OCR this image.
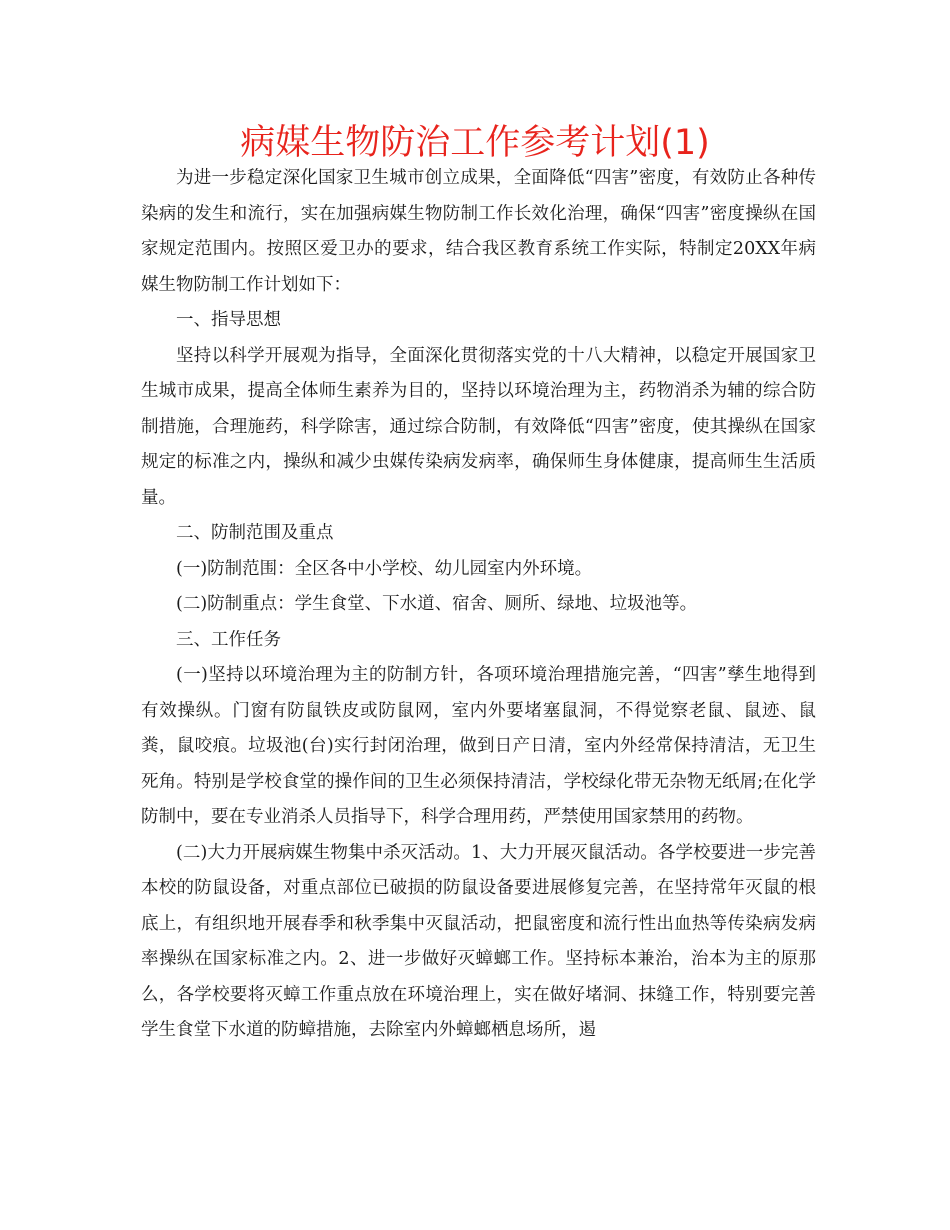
病媒生物防治工作参考计划(1)

为进一步稳定深化国家卫生城市创立成果，全面降低“四害”密度，有效防止各种传染病的发生和流行，实在加强病媒生物防制工作长效化治理，确保“四害”密度操纵在国家规定范围内。按照区爱卫办的要求，结合我区教育系统工作实际，特制定20XX年病媒生物防制工作计划如下：

一、指导思想

坚持以科学开展观为指导，全面深化贯彻落实党的十八大精神，以稳定开展国家卫生城市成果，提高全体师生素养为目的，坚持以环境治理为主，药物消杀为辅的综合防制措施，合理施药，科学除害，通过综合防制，有效降低“四害”密度，使其操纵在国家规定的标准之内，操纵和减少虫媒传染病发病率，确保师生身体健康，提高师生生活质量。

二、防制范围及重点

(一)防制范围：全区各中小学校、幼儿园室内外环境。

(二)防制重点：学生食堂、下水道、宿舍、厕所、绿地、垃圾池等。

三、工作任务

(一)坚持以环境治理为主的防制方针，各项环境治理措施完善，“四害”孳生地得到有效操纵。门窗有防鼠铁皮或防鼠网，室内外要堵塞鼠洞，不得觉察老鼠、鼠迹、鼠粪，鼠咬痕。垃圾池(台)实行封闭治理，做到日产日清，室内外经常保持清洁，无卫生死角。特别是学校食堂的操作间的卫生必须保持清洁，学校绿化带无杂物无纸屑;在化学防制中，要在专业消杀人员指导下，科学合理用药，严禁使用国家禁用的药物。

(二)大力开展病媒生物集中杀灭活动。1、大力开展灭鼠活动。各学校要进一步完善本校的防鼠设备，对重点部位已破损的防鼠设备要进展修复完善，在坚持常年灭鼠的根底上，有组织地开展春季和秋季集中灭鼠活动，把鼠密度和流行性出血热等传染病发病率操纵在国家标准之内。2、进一步做好灭蟑螂工作。坚持标本兼治，治本为主的原那么，各学校要将灭蟑工作重点放在环境治理上，实在做好堵洞、抹缝工作，特别要完善学生食堂下水道的防蟑措施，去除室内外蟑螂栖息场所，遏
